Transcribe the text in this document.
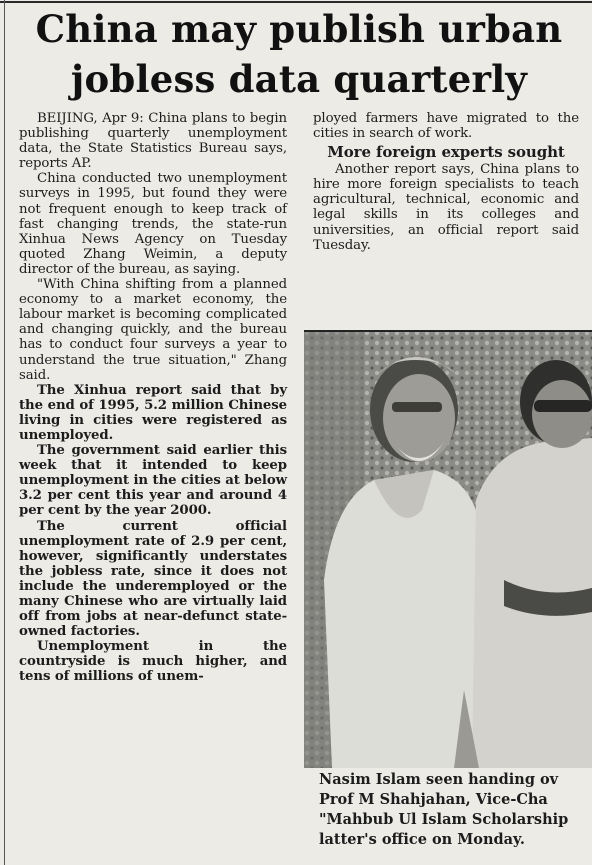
China may publish urban
jobless data quarterly

BEIJING, Apr 9: China plans to begin publishing quarterly unemployment data, the State Statistics Bureau says, reports AP.

China conducted two unemployment surveys in 1995, but found they were not frequent enough to keep track of fast changing trends, the state-run Xinhua News Agency on Tuesday quoted Zhang Weimin, a deputy director of the bureau, as saying.

"With China shifting from a planned economy to a market economy, the labour market is becoming complicated and changing quickly, and the bureau has to conduct four surveys a year to understand the true situation," Zhang said.

The Xinhua report said that by the end of 1995, 5.2 million Chinese living in cities were registered as unemployed.

The government said earlier this week that it intended to keep unemployment in the cities at below 3.2 per cent this year and around 4 per cent by the year 2000.

The current official unemployment rate of 2.9 per cent, however, significantly understates the jobless rate, since it does not include the underemployed or the many Chinese who are virtually laid off from jobs at near-defunct state-owned factories.

Unemployment in the countryside is much higher, and tens of millions of unem-

ployed farmers have migrated to the cities in search of work.

More foreign experts sought

Another report says, China plans to hire more foreign specialists to teach agricultural, technical, economic and legal skills in its colleges and universities, an official report said Tuesday.

Nasim Islam seen handing ov
Prof M Shahjahan, Vice-Cha
"Mahbub Ul Islam Scholarship
latter's office on Monday.
